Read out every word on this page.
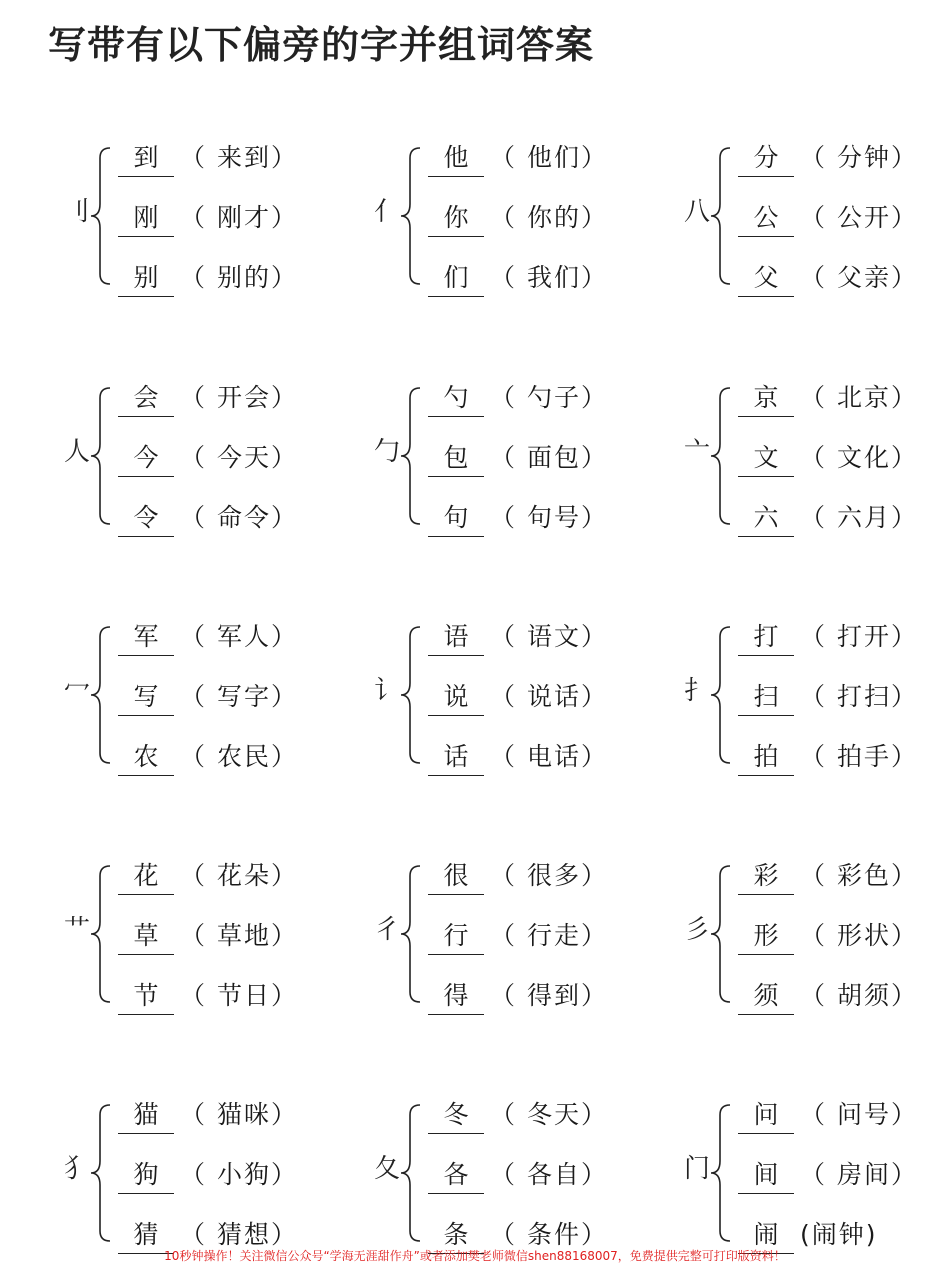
写带有以下偏旁的字并组词答案
刂
到 （ 来到）
刚 （ 刚才）
别 （ 别的）
亻
他 （ 他们）
你 （ 你的）
们 （ 我们）
八
分 （ 分钟）
公 （ 公开）
父 （ 父亲）
人
会 （ 开会）
今 （ 今天）
令 （ 命令）
勹
勺 （ 勺子）
包 （ 面包）
句 （ 句号）
亠
京 （ 北京）
文 （ 文化）
六 （ 六月）
冖
军 （ 军人）
写 （ 写字）
农 （ 农民）
讠
语 （ 语文）
说 （ 说话）
话 （ 电话）
扌
打 （ 打开）
扫 （ 打扫）
拍 （ 拍手）
艹
花 （ 花朵）
草 （ 草地）
节 （ 节日）
彳
很 （ 很多）
行 （ 行走）
得 （ 得到）
彡
彩 （ 彩色）
形 （ 形状）
须 （ 胡须）
犭
猫 （ 猫咪）
狗 （ 小狗）
猜 （ 猜想）
夂
冬 （ 冬天）
各 （ 各自）
条 （ 条件）
门
问 （ 问号）
间 （ 房间）
闹 (闹钟)
10秒钟操作！关注微信公众号“学海无涯甜作舟”或者添加樊老师微信shen88168007，免费提供完整可打印版资料！
